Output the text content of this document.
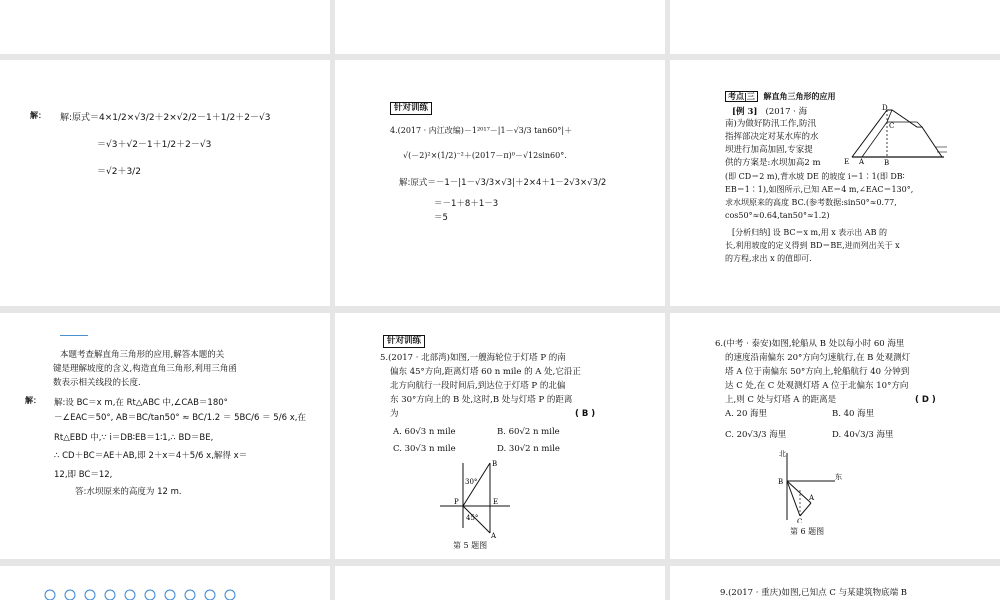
解： 解:原式＝4×1/2×√3/2＋2×√2/2－1＋1/2＋2－√3
＝√3＋√2－1＋1/2＋2－√3
＝√2＋3/2
针对训练
4.(2017 · 内江改编)－1²⁰¹⁷－|1－√3/3 tan60°|＋
√(－2)²×(1/2)⁻²＋(2017－π)⁰－√12sin60°.
解:原式＝－1－|1－√3/3×√3|＋2×4＋1－2√3×√3/2
＝－1＋8＋1－3
＝5
考点|三 解直角三角形的应用
[例 3] (2017 · 海
南)为做好防汛工作,防汛
指挥部决定对某水库的水
坝进行加高加固,专家提
供的方案是:水坝加高2 m
(即 CD＝2 m),背水坡 DE 的坡度 i＝1∶1(即 DB∶
EB＝1∶1),如图所示,已知 AE＝4 m,∠EAC＝130°,
求水坝原来的高度 BC.(参考数据:sin50°≈0.77,
cos50°≈0.64,tan50°≈1.2)
[分析归纳] 设 BC＝x m,用 x 表示出 AB 的
长,利用坡度的定义得到 BD＝BE,进而列出关于 x
的方程,求出 x 的值即可.
D
C
E A	B
本题考查解直角三角形的应用,解答本题的关
键是理解坡度的含义,构造直角三角形,利用三角函
数表示相关线段的长度.
解： 解:设 BC＝x m,在 Rt△ABC 中,∠CAB＝180°
－∠EAC＝50°, AB＝BC/tan50° ≈ BC/1.2 ＝ 5BC/6 ＝ 5/6 x,在
Rt△EBD 中,∵ i＝DB∶EB＝1∶1,∴ BD＝BE,
∴ CD＋BC＝AE＋AB,即 2＋x＝4＋5/6 x,解得 x＝
12,即 BC＝12,
答:水坝原来的高度为 12 m.
针对训练
5.(2017 · 北部湾)如图,一艘海轮位于灯塔 P 的南
偏东 45°方向,距离灯塔 60 n mile 的 A 处,它沿正
北方向航行一段时间后,到达位于灯塔 P 的北偏
东 30°方向上的 B 处,这时,B 处与灯塔 P 的距离
为	( B )
A. 60√3 n mile	B. 60√2 n mile
C. 30√3 n mile	D. 30√2 n mile
B
30°
P	E
45°
A
第 5 题图
6.(中考 · 泰安)如图,轮船从 B 处以每小时 60 海里
的速度沿南偏东 20°方向匀速航行,在 B 处观测灯
塔 A 位于南偏东 50°方向上,轮船航行 40 分钟到
达 C 处,在 C 处观测灯塔 A 位于北偏东 10°方向
上,则 C 处与灯塔 A 的距离是	( D )
A. 20 海里	B. 40 海里
C. 20√3/3 海里	D. 40√3/3 海里
北
东
B
A
C
第 6 题图
9.(2017 · 重庆)如图,已知点 C 与某建筑物底端 B
